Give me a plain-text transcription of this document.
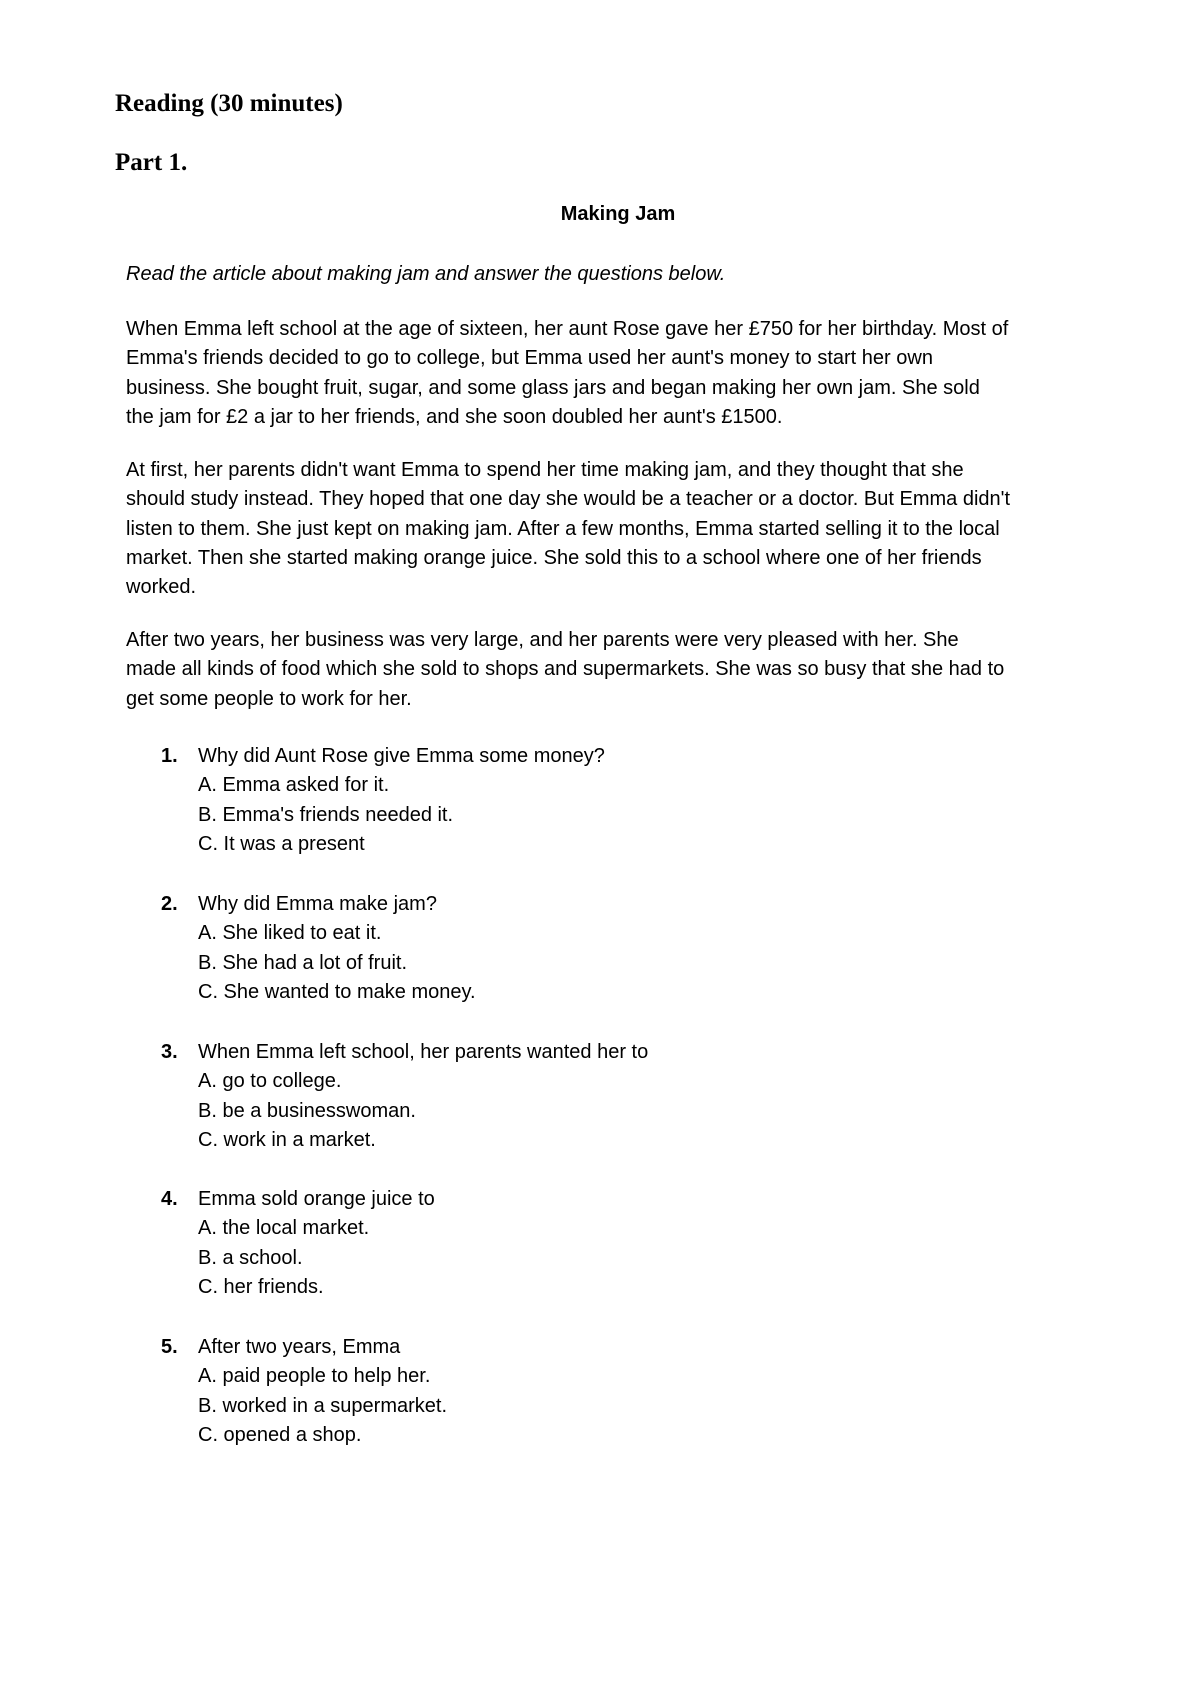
Reading (30 minutes)
Part 1.

Making Jam

Read the article about making jam and answer the questions below.

When Emma left school at the age of sixteen, her aunt Rose gave her £750 for her birthday. Most of
Emma's friends decided to go to college, but Emma used her aunt's money to start her own
business. She bought fruit, sugar, and some glass jars and began making her own jam. She sold
the jam for £2 a jar to her friends, and she soon doubled her aunt's £1500.

At first, her parents didn't want Emma to spend her time making jam, and they thought that she
should study instead. They hoped that one day she would be a teacher or a doctor. But Emma didn't
listen to them. She just kept on making jam. After a few months, Emma started selling it to the local
market. Then she started making orange juice. She sold this to a school where one of her friends
worked.

After two years, her business was very large, and her parents were very pleased with her. She
made all kinds of food which she sold to shops and supermarkets. She was so busy that she had to
get some people to work for her.

1. Why did Aunt Rose give Emma some money?
A. Emma asked for it.
B. Emma's friends needed it.
C. It was a present
2. Why did Emma make jam?
A. She liked to eat it.
B. She had a lot of fruit.
C. She wanted to make money.
3. When Emma left school, her parents wanted her to
A. go to college.
B. be a businesswoman.
C. work in a market.
4. Emma sold orange juice to
A. the local market.
B. a school.
C. her friends.
5. After two years, Emma
A. paid people to help her.
B. worked in a supermarket.
C. opened a shop.
